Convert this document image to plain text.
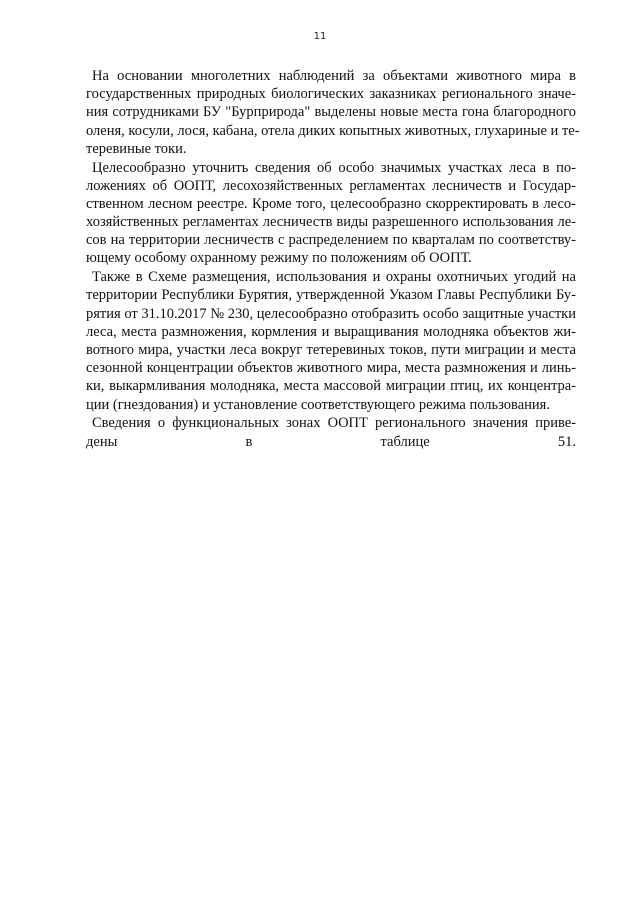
11
На основании многолетних наблюдений за объектами животного мира в
государственных природных биологических заказниках регионального значе-
ния сотрудниками БУ "Бурприрода" выделены новые места гона благородного
оленя, косули, лося, кабана, отела диких копытных животных, глухариные и те-
теревиные токи.
Целесообразно уточнить сведения об особо значимых участках леса в по-
ложениях об ООПТ, лесохозяйственных регламентах лесничеств и Государ-
ственном лесном реестре. Кроме того, целесообразно скорректировать в лесо-
хозяйственных регламентах лесничеств виды разрешенного использования ле-
сов на территории лесничеств с распределением по кварталам по соответству-
ющему особому охранному режиму по положениям об ООПТ.
Также в Схеме размещения, использования и охраны охотничьих угодий на
территории Республики Бурятия, утвержденной Указом Главы Республики Бу-
рятия от 31.10.2017 № 230, целесообразно отобразить особо защитные участки
леса, места размножения, кормления и выращивания молодняка объектов жи-
вотного мира, участки леса вокруг тетеревиных токов, пути миграции и места
сезонной концентрации объектов животного мира, места размножения и линь-
ки, выкармливания молодняка, места массовой миграции птиц, их концентра-
ции (гнездования) и установление соответствующего режима пользования.
Сведения о функциональных зонах ООПТ регионального значения приве-
дены	в	таблице	51.
